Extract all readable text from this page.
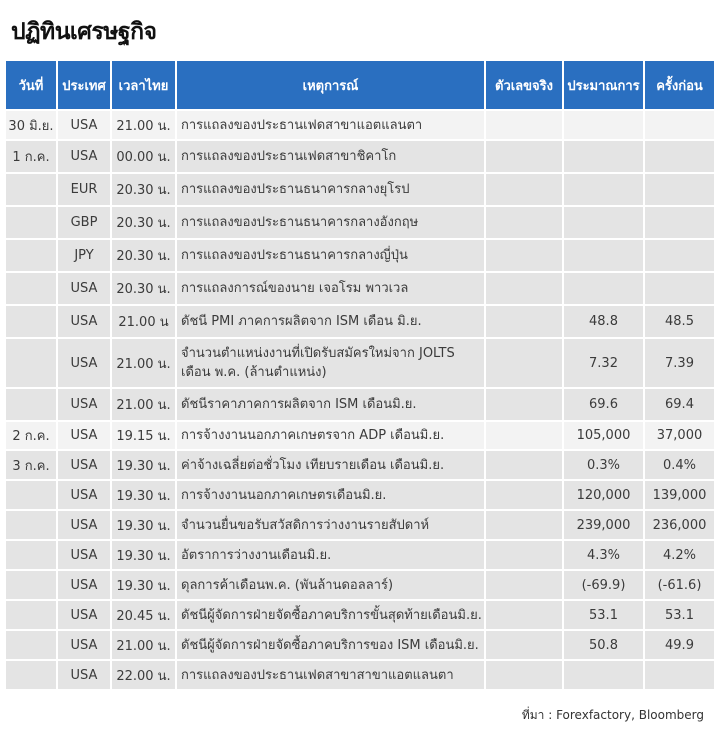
ปฏิทินเศรษฐกิจ
วันที่	ประเทศ	เวลาไทย	เหตุการณ์	ตัวเลขจริง	ประมาณการ	ครั้งก่อน
30 มิ.ย.	USA	21.00 น.	การแถลงของประธานเฟดสาขาแอตแลนตา			
1 ก.ค.	USA	00.00 น.	การแถลงของประธานเฟดสาขาชิคาโก			
	EUR	20.30 น.	การแถลงของประธานธนาคารกลางยุโรป			
	GBP	20.30 น.	การแถลงของประธานธนาคารกลางอังกฤษ			
	JPY	20.30 น.	การแถลงของประธานธนาคารกลางญี่ปุ่น			
	USA	20.30 น.	การแถลงการณ์ของนาย เจอโรม พาวเวล			
	USA	21.00 น	ดัชนี PMI ภาคการผลิตจาก ISM เดือน มิ.ย.		48.8	48.5
	USA	21.00 น.	จำนวนตำแหน่งงานที่เปิดรับสมัครใหม่จาก JOLTS เดือน พ.ค. (ล้านตำแหน่ง)		7.32	7.39
	USA	21.00 น.	ดัชนีราคาภาคการผลิตจาก ISM เดือนมิ.ย.		69.6	69.4
2 ก.ค.	USA	19.15 น.	การจ้างงานนอกภาคเกษตรจาก ADP เดือนมิ.ย.		105,000	37,000
3 ก.ค.	USA	19.30 น.	ค่าจ้างเฉลี่ยต่อชั่วโมง เทียบรายเดือน เดือนมิ.ย.		0.3%	0.4%
	USA	19.30 น.	การจ้างงานนอกภาคเกษตรเดือนมิ.ย.		120,000	139,000
	USA	19.30 น.	จำนวนยื่นขอรับสวัสดิการว่างงานรายสัปดาห์		239,000	236,000
	USA	19.30 น.	อัตราการว่างงานเดือนมิ.ย.		4.3%	4.2%
	USA	19.30 น.	ดุลการค้าเดือนพ.ค. (พันล้านดอลลาร์)		(-69.9)	(-61.6)
	USA	20.45 น.	ดัชนีผู้จัดการฝ่ายจัดซื้อภาคบริการขั้นสุดท้ายเดือนมิ.ย.		53.1	53.1
	USA	21.00 น.	ดัชนีผู้จัดการฝ่ายจัดซื้อภาคบริการของ ISM เดือนมิ.ย.		50.8	49.9
	USA	22.00 น.	การแถลงของประธานเฟดสาขาสาขาแอตแลนตา			
ที่มา : Forexfactory, Bloomberg
